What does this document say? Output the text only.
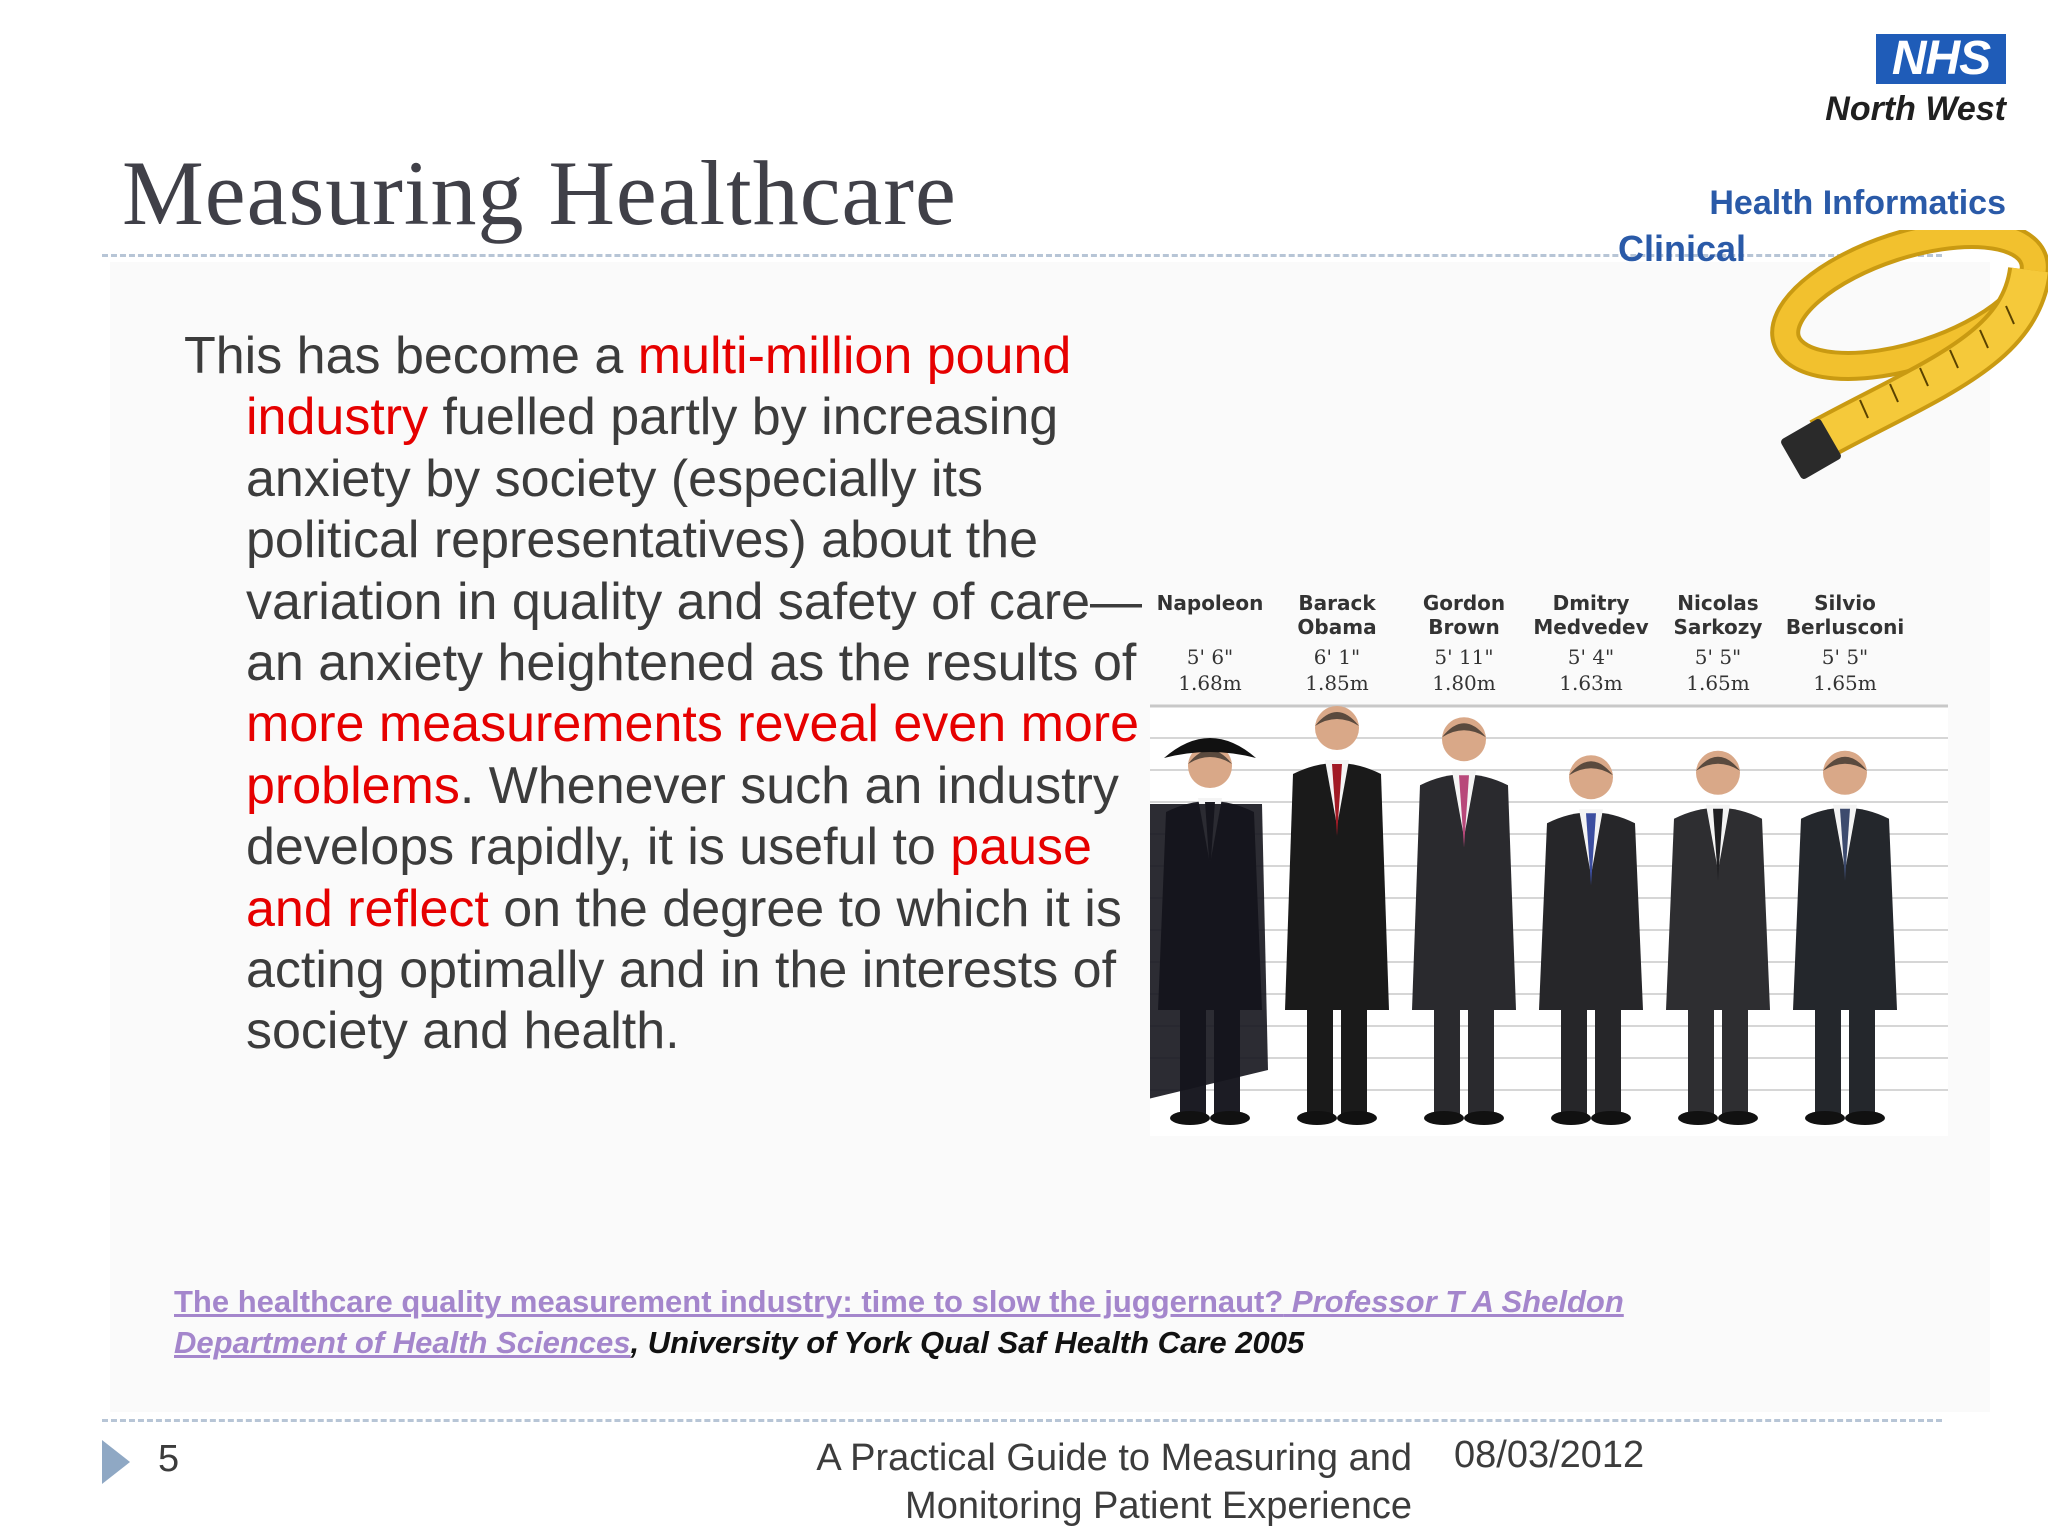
Measuring Healthcare
NHS
North West
Health Informatics
Clinical
This has become a multi-million pound industry fuelled partly by increasing anxiety by society (especially its political representatives) about the variation in quality and safety of care—an anxiety heightened as the results of more measurements reveal even more problems. Whenever such an industry develops rapidly, it is useful to pause and reflect on the degree to which it is acting optimally and in the interests of society and health.
Napoleon
5' 6"
1.68m
Barack
Obama
6' 1"
1.85m
Gordon
Brown
5' 11"
1.80m
Dmitry
Medvedev
5' 4"
1.63m
Nicolas
Sarkozy
5' 5"
1.65m
Silvio
Berlusconi
5' 5"
1.65m
The healthcare quality measurement industry: time to slow the juggernaut? Professor T A Sheldon
Department of Health Sciences, University of York Qual Saf Health Care 2005
5	A Practical Guide to Measuring and Monitoring Patient Experience
08/03/2012
